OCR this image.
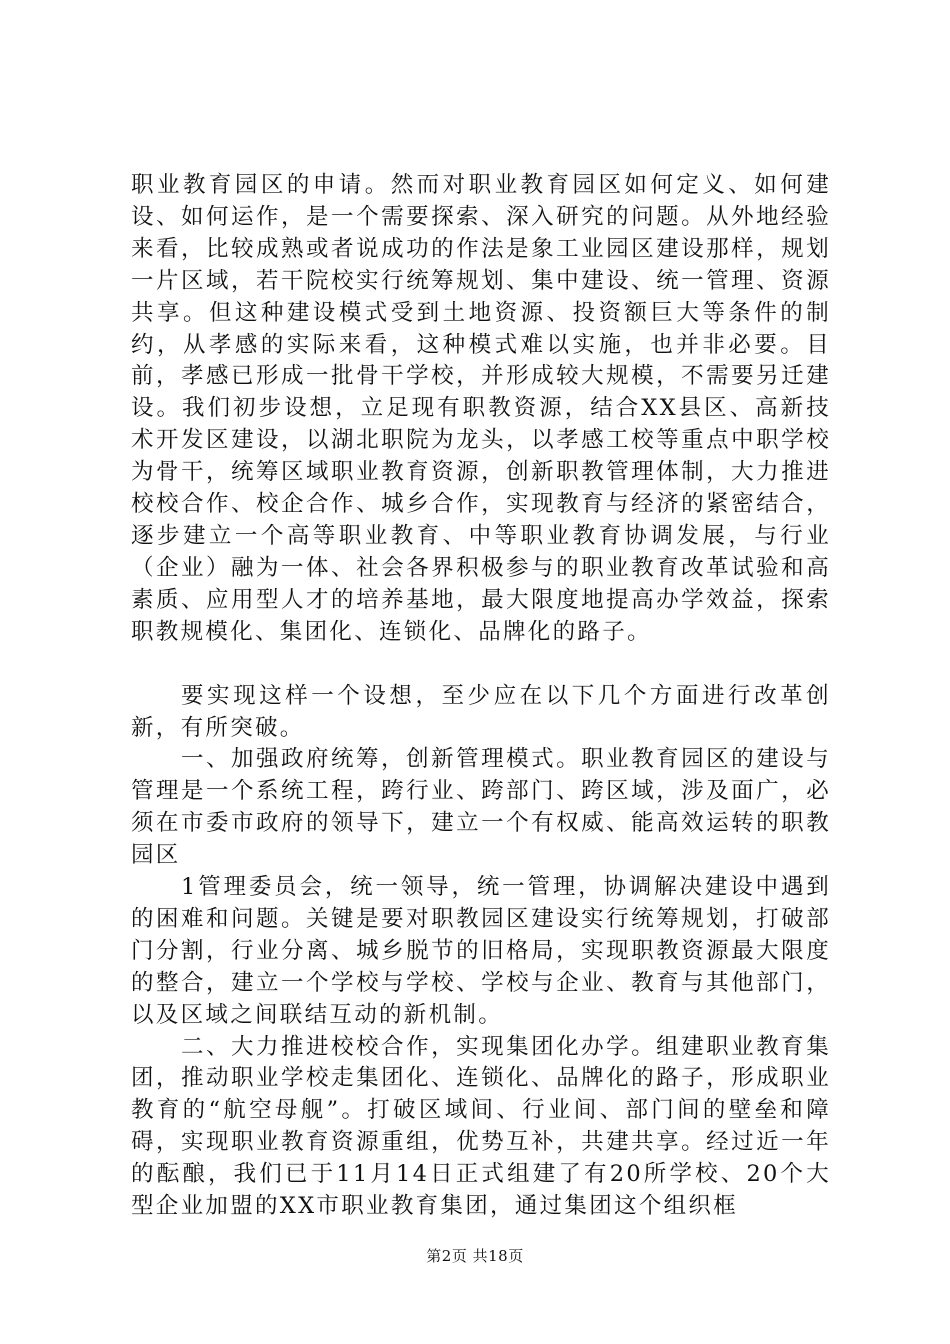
职业教育园区的申请。然而对职业教育园区如何定义、如何建设、如何运作，是一个需要探索、深入研究的问题。从外地经验来看，比较成熟或者说成功的作法是象工业园区建设那样，规划一片区域，若干院校实行统筹规划、集中建设、统一管理、资源共享。但这种建设模式受到土地资源、投资额巨大等条件的制约，从孝感的实际来看，这种模式难以实施，也并非必要。目前，孝感已形成一批骨干学校，并形成较大规模，不需要另迁建设。我们初步设想，立足现有职教资源，结合XX县区、高新技术开发区建设，以湖北职院为龙头，以孝感工校等重点中职学校为骨干，统筹区域职业教育资源，创新职教管理体制，大力推进校校合作、校企合作、城乡合作，实现教育与经济的紧密结合，逐步建立一个高等职业教育、中等职业教育协调发展，与行业（企业）融为一体、社会各界积极参与的职业教育改革试验和高素质、应用型人才的培养基地，最大限度地提高办学效益，探索职教规模化、集团化、连锁化、品牌化的路子。

要实现这样一个设想，至少应在以下几个方面进行改革创新，有所突破。

一、加强政府统筹，创新管理模式。职业教育园区的建设与管理是一个系统工程，跨行业、跨部门、跨区域，涉及面广，必须在市委市政府的领导下，建立一个有权威、能高效运转的职教园区

1管理委员会，统一领导，统一管理，协调解决建设中遇到的困难和问题。关键是要对职教园区建设实行统筹规划，打破部门分割，行业分离、城乡脱节的旧格局，实现职教资源最大限度的整合，建立一个学校与学校、学校与企业、教育与其他部门，以及区域之间联结互动的新机制。

二、大力推进校校合作，实现集团化办学。组建职业教育集团，推动职业学校走集团化、连锁化、品牌化的路子，形成职业教育的“航空母舰”。打破区域间、行业间、部门间的壁垒和障碍，实现职业教育资源重组，优势互补，共建共享。经过近一年的酝酿，我们已于11月14日正式组建了有20所学校、20个大型企业加盟的XX市职业教育集团，通过集团这个组织框

第2页 共18页
